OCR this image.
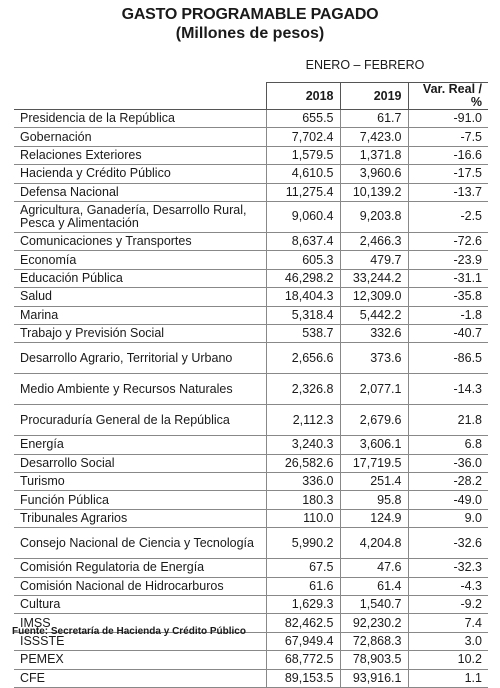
GASTO PROGRAMABLE PAGADO
(Millones de pesos)
ENERO – FEBRERO
	2018	2019	Var. Real / %
Presidencia de la República	655.5	61.7	-91.0
Gobernación	7,702.4	7,423.0	-7.5
Relaciones Exteriores	1,579.5	1,371.8	-16.6
Hacienda y Crédito Público	4,610.5	3,960.6	-17.5
Defensa Nacional	11,275.4	10,139.2	-13.7
Agricultura, Ganadería, Desarrollo Rural, Pesca y Alimentación	9,060.4	9,203.8	-2.5
Comunicaciones y Transportes	8,637.4	2,466.3	-72.6
Economía	605.3	479.7	-23.9
Educación Pública	46,298.2	33,244.2	-31.1
Salud	18,404.3	12,309.0	-35.8
Marina	5,318.4	5,442.2	-1.8
Trabajo y Previsión Social	538.7	332.6	-40.7
Desarrollo Agrario, Territorial y Urbano	2,656.6	373.6	-86.5
Medio Ambiente y Recursos Naturales	2,326.8	2,077.1	-14.3
Procuraduría General de la República	2,112.3	2,679.6	21.8
Energía	3,240.3	3,606.1	6.8
Desarrollo Social	26,582.6	17,719.5	-36.0
Turismo	336.0	251.4	-28.2
Función Pública	180.3	95.8	-49.0
Tribunales Agrarios	110.0	124.9	9.0
Consejo Nacional de Ciencia y Tecnología	5,990.2	4,204.8	-32.6
Comisión Regulatoria de Energía	67.5	47.6	-32.3
Comisión Nacional de Hidrocarburos	61.6	61.4	-4.3
Cultura	1,629.3	1,540.7	-9.2
IMSS	82,462.5	92,230.2	7.4
ISSSTE	67,949.4	72,868.3	3.0
PEMEX	68,772.5	78,903.5	10.2
CFE	89,153.5	93,916.1	1.1
Fuente: Secretaría de Hacienda y Crédito Público
